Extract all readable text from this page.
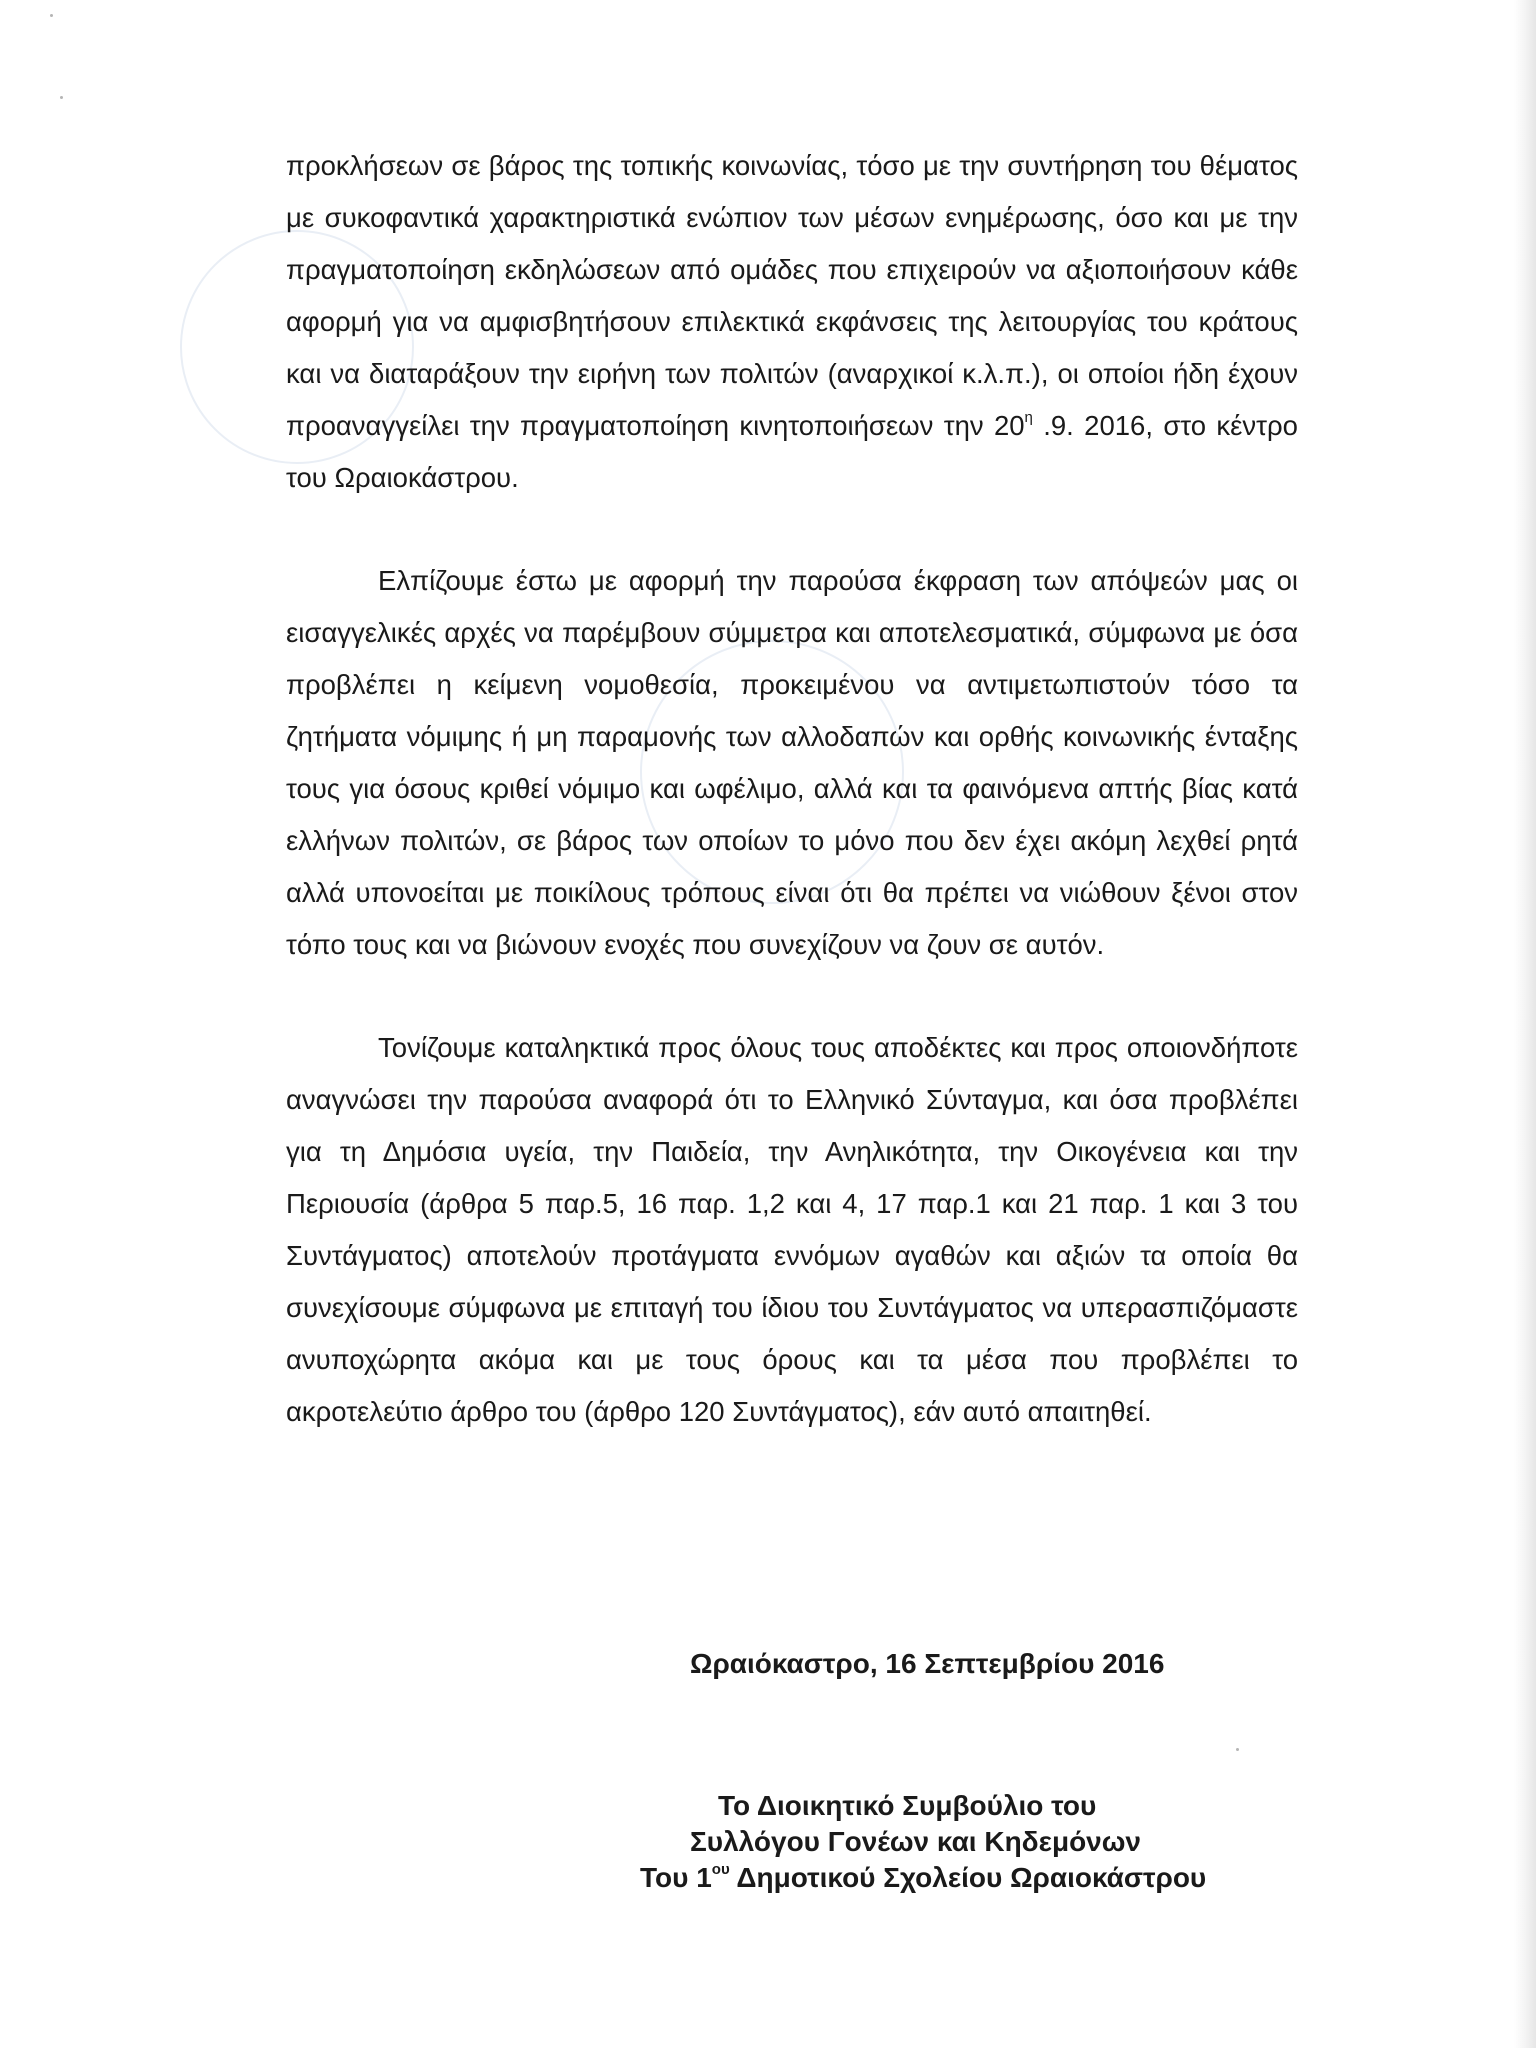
προκλήσεων σε βάρος της τοπικής κοινωνίας, τόσο με την συντήρηση του θέματος με συκοφαντικά χαρακτηριστικά ενώπιον των μέσων ενημέρωσης, όσο και με την πραγματοποίηση εκδηλώσεων από ομάδες που επιχειρούν να αξιοποιήσουν κάθε αφορμή για να αμφισβητήσουν επιλεκτικά εκφάνσεις της λειτουργίας του κράτους και να διαταράξουν την ειρήνη των πολιτών (αναρχικοί κ.λ.π.), οι οποίοι ήδη έχουν προαναγγείλει την πραγματοποίηση κινητοποιήσεων την $20^\eta$ .9. 2016, στο κέντρο του Ωραιοκάστρου.

Ελπίζουμε έστω με αφορμή την παρούσα έκφραση των απόψεών μας οι εισαγγελικές αρχές να παρέμβουν σύμμετρα και αποτελεσματικά, σύμφωνα με όσα προβλέπει η κείμενη νομοθεσία, προκειμένου να αντιμετωπιστούν τόσο τα ζητήματα νόμιμης ή μη παραμονής των αλλοδαπών και ορθής κοινωνικής ένταξης τους για όσους κριθεί νόμιμο και ωφέλιμο, αλλά και τα φαινόμενα απτής βίας κατά ελλήνων πολιτών, σε βάρος των οποίων το μόνο που δεν έχει ακόμη λεχθεί ρητά αλλά υπονοείται με ποικίλους τρόπους είναι ότι θα πρέπει να νιώθουν ξένοι στον τόπο τους και να βιώνουν ενοχές που συνεχίζουν να ζουν σε αυτόν.

Τονίζουμε καταληκτικά προς όλους τους αποδέκτες και προς οποιονδήποτε αναγνώσει την παρούσα αναφορά ότι το Ελληνικό Σύνταγμα, και όσα προβλέπει για τη Δημόσια υγεία, την Παιδεία, την Ανηλικότητα, την Οικογένεια και την Περιουσία (άρθρα 5 παρ.5, 16 παρ. 1,2 και 4, 17 παρ.1 και 21 παρ. 1 και 3 του Συντάγματος) αποτελούν προτάγματα εννόμων αγαθών και αξιών τα οποία θα συνεχίσουμε σύμφωνα με επιταγή του ίδιου του Συντάγματος να υπερασπιζόμαστε ανυποχώρητα ακόμα και με τους όρους και τα μέσα που προβλέπει το ακροτελεύτιο άρθρο του (άρθρο 120 Συντάγματος), εάν αυτό απαιτηθεί.

Ωραιόκαστρο, 16 Σεπτεμβρίου 2016
Το Διοικητικό Συμβούλιο του
Συλλόγου Γονέων και Κηδεμόνων
Του $1^{o\upsilon}$ Δημοτικού Σχολείου Ωραιοκάστρου
